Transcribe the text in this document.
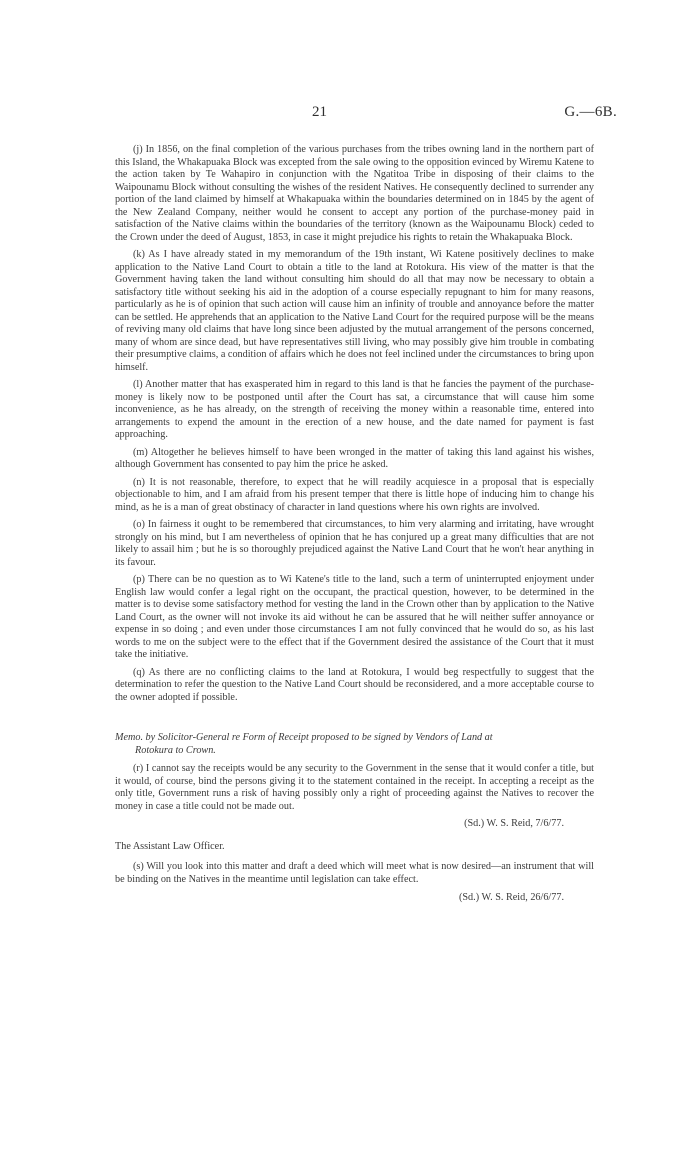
21	G.—6B.

(j) In 1856, on the final completion of the various purchases from the tribes owning land in the northern part of this Island, the Whakapuaka Block was excepted from the sale owing to the opposition evinced by Wiremu Katene to the action taken by Te Wahapiro in conjunction with the Ngatitoa Tribe in disposing of their claims to the Waipounamu Block without consulting the wishes of the resident Natives. He consequently declined to surrender any portion of the land claimed by himself at Whakapuaka within the boundaries determined on in 1845 by the agent of the New Zealand Company, neither would he consent to accept any portion of the purchase-money paid in satisfaction of the Native claims within the boundaries of the territory (known as the Waipounamu Block) ceded to the Crown under the deed of August, 1853, in case it might prejudice his rights to retain the Whakapuaka Block.

(k) As I have already stated in my memorandum of the 19th instant, Wi Katene positively declines to make application to the Native Land Court to obtain a title to the land at Rotokura. His view of the matter is that the Government having taken the land without consulting him should do all that may now be necessary to obtain a satisfactory title without seeking his aid in the adoption of a course especially repugnant to him for many reasons, particularly as he is of opinion that such action will cause him an infinity of trouble and annoyance before the matter can be settled. He apprehends that an application to the Native Land Court for the required purpose will be the means of reviving many old claims that have long since been adjusted by the mutual arrangement of the persons concerned, many of whom are since dead, but have representatives still living, who may possibly give him trouble in combating their presumptive claims, a condition of affairs which he does not feel inclined under the circumstances to bring upon himself.

(l) Another matter that has exasperated him in regard to this land is that he fancies the payment of the purchase-money is likely now to be postponed until after the Court has sat, a circumstance that will cause him some inconvenience, as he has already, on the strength of receiving the money within a reasonable time, entered into arrangements to expend the amount in the erection of a new house, and the date named for payment is fast approaching.

(m) Altogether he believes himself to have been wronged in the matter of taking this land against his wishes, although Government has consented to pay him the price he asked.

(n) It is not reasonable, therefore, to expect that he will readily acquiesce in a proposal that is especially objectionable to him, and I am afraid from his present temper that there is little hope of inducing him to change his mind, as he is a man of great obstinacy of character in land questions where his own rights are involved.

(o) In fairness it ought to be remembered that circumstances, to him very alarming and irritating, have wrought strongly on his mind, but I am nevertheless of opinion that he has conjured up a great many difficulties that are not likely to assail him ; but he is so thoroughly prejudiced against the Native Land Court that he won't hear anything in its favour.

(p) There can be no question as to Wi Katene's title to the land, such a term of uninterrupted enjoyment under English law would confer a legal right on the occupant, the practical question, however, to be determined in the matter is to devise some satisfactory method for vesting the land in the Crown other than by application to the Native Land Court, as the owner will not invoke its aid without he can be assured that he will neither suffer annoyance or expense in so doing ; and even under those circumstances I am not fully convinced that he would do so, as his last words to me on the subject were to the effect that if the Government desired the assistance of the Court that it must take the initiative.

(q) As there are no conflicting claims to the land at Rotokura, I would beg respectfully to suggest that the determination to refer the question to the Native Land Court should be reconsidered, and a more acceptable course to the owner adopted if possible.

Memo. by Solicitor-General re Form of Receipt proposed to be signed by Vendors of Land at
Rotokura to Crown.

(r) I cannot say the receipts would be any security to the Government in the sense that it would confer a title, but it would, of course, bind the persons giving it to the statement contained in the receipt. In accepting a receipt as the only title, Government runs a risk of having possibly only a right of proceeding against the Natives to recover the money in case a title could not be made out.

(Sd.) W. S. Reid, 7/6/77.
The Assistant Law Officer.

(s) Will you look into this matter and draft a deed which will meet what is now desired—an instrument that will be binding on the Natives in the meantime until legislation can take effect.

(Sd.) W. S. Reid, 26/6/77.
